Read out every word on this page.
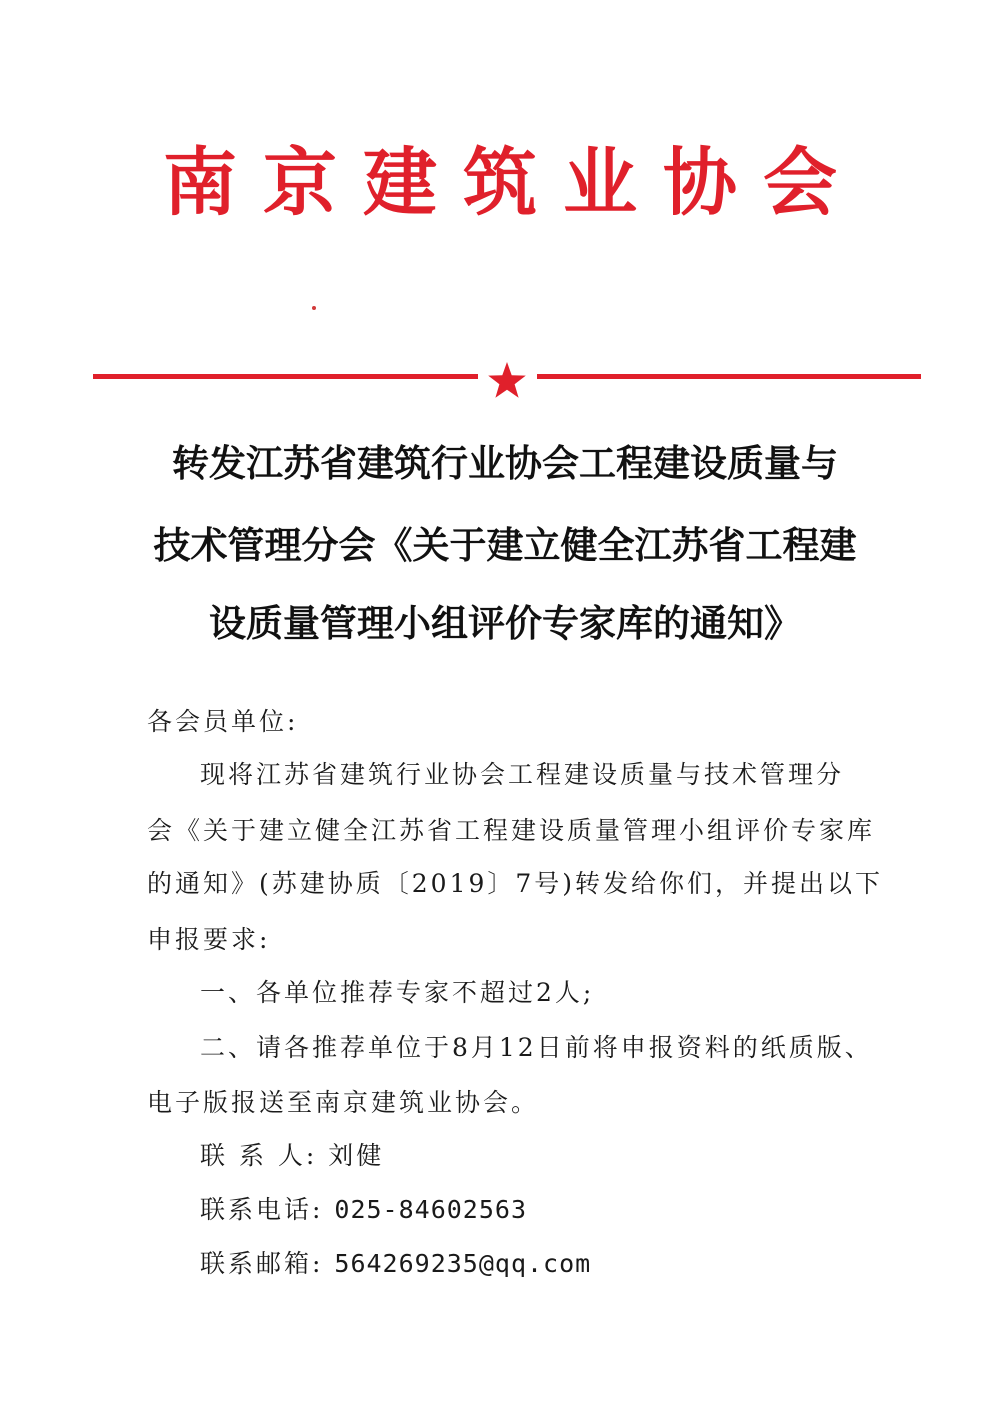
南京建筑业协会
转发江苏省建筑行业协会工程建设质量与
技术管理分会《关于建立健全江苏省工程建
设质量管理小组评价专家库的通知》
各会员单位:
现将江苏省建筑行业协会工程建设质量与技术管理分
会《关于建立健全江苏省工程建设质量管理小组评价专家库
的通知》(苏建协质〔2019〕7号)转发给你们，并提出以下
申报要求:
一、各单位推荐专家不超过2人;
二、请各推荐单位于8月12日前将申报资料的纸质版、
电子版报送至南京建筑业协会。
联 系 人: 刘健
联系电话: 025-84602563
联系邮箱: 564269235@qq.com
